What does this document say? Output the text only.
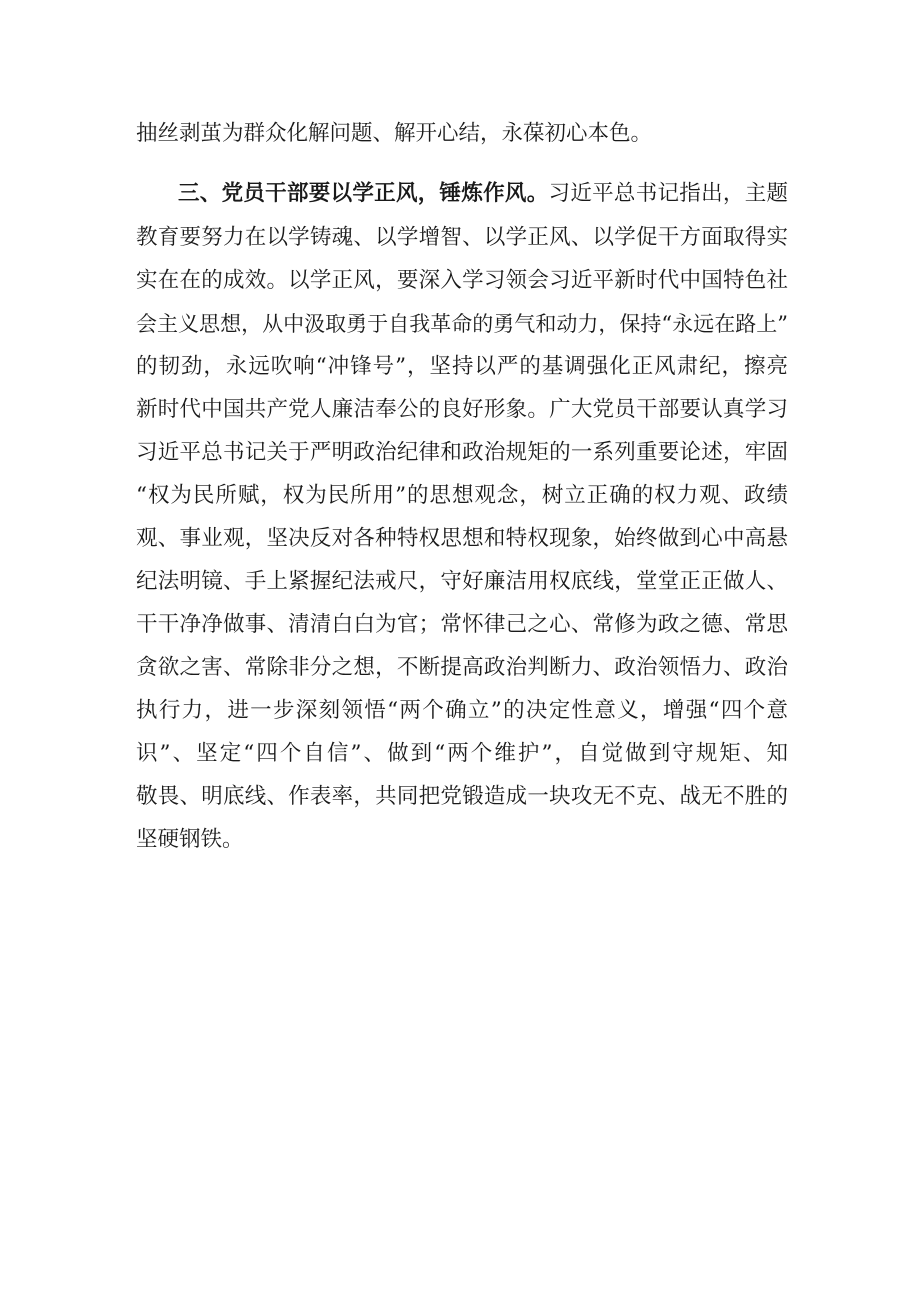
抽丝剥茧为群众化解问题、解开心结，永葆初心本色。
三、党员干部要以学正风，锤炼作风。习近平总书记指出，主题
教育要努力在以学铸魂、以学增智、以学正风、以学促干方面取得实
实在在的成效。以学正风，要深入学习领会习近平新时代中国特色社
会主义思想，从中汲取勇于自我革命的勇气和动力，保持“永远在路上”
的韧劲，永远吹响“冲锋号”，坚持以严的基调强化正风肃纪，擦亮
新时代中国共产党人廉洁奉公的良好形象。广大党员干部要认真学习
习近平总书记关于严明政治纪律和政治规矩的一系列重要论述，牢固
“权为民所赋，权为民所用”的思想观念，树立正确的权力观、政绩
观、事业观，坚决反对各种特权思想和特权现象，始终做到心中高悬
纪法明镜、手上紧握纪法戒尺，守好廉洁用权底线，堂堂正正做人、
干干净净做事、清清白白为官；常怀律己之心、常修为政之德、常思
贪欲之害、常除非分之想，不断提高政治判断力、政治领悟力、政治
执行力，进一步深刻领悟“两个确立”的决定性意义，增强“四个意
识”、坚定“四个自信”、做到“两个维护”，自觉做到守规矩、知
敬畏、明底线、作表率，共同把党锻造成一块攻无不克、战无不胜的
坚硬钢铁。
